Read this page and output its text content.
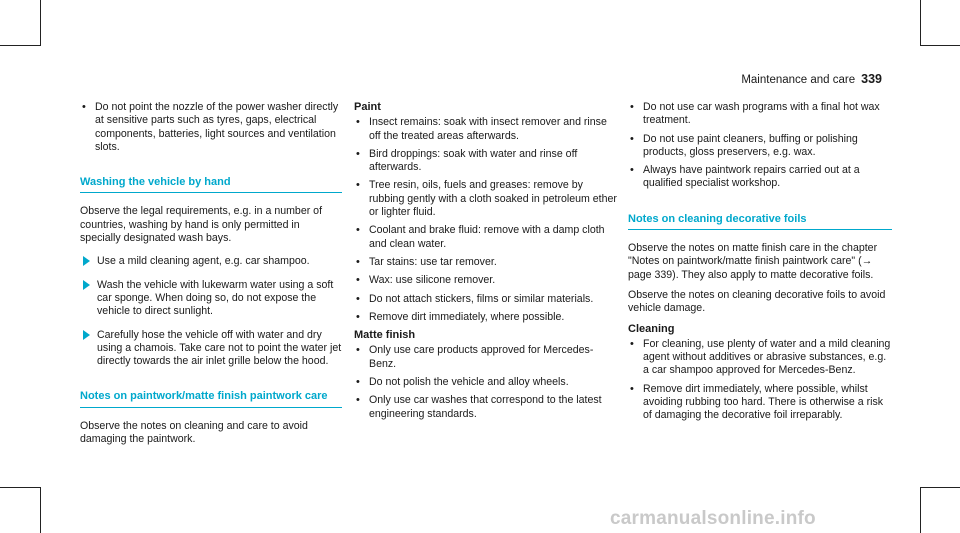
Maintenance and care 339
• Do not point the nozzle of the power washer directly at sensitive parts such as tyres, gaps, electrical components, batteries, light sources and ventilation slots.
Washing the vehicle by hand

Observe the legal requirements, e.g. in a number of countries, washing by hand is only permitted in specially designated wash bays.

Use a mild cleaning agent, e.g. car shampoo.
Wash the vehicle with lukewarm water using a soft car sponge. When doing so, do not expose the vehicle to direct sunlight.
Carefully hose the vehicle off with water and dry using a chamois. Take care not to point the water jet directly towards the air inlet grille below the hood.
Notes on paintwork/matte finish paintwork care

Observe the notes on cleaning and care to avoid damaging the paintwork.

Paint
• Insect remains: soak with insect remover and rinse off the treated areas afterwards.
• Bird droppings: soak with water and rinse off afterwards.
• Tree resin, oils, fuels and greases: remove by rubbing gently with a cloth soaked in petroleum ether or lighter fluid.
• Coolant and brake fluid: remove with a damp cloth and clean water.
• Tar stains: use tar remover.
• Wax: use silicone remover.
• Do not attach stickers, films or similar materials.
• Remove dirt immediately, where possible.
Matte finish
• Only use care products approved for Mercedes-Benz.
• Do not polish the vehicle and alloy wheels.
• Only use car washes that correspond to the latest engineering standards.
• Do not use car wash programs with a final hot wax treatment.
• Do not use paint cleaners, buffing or polishing products, gloss preservers, e.g. wax.
• Always have paintwork repairs carried out at a qualified specialist workshop.
Notes on cleaning decorative foils

Observe the notes on matte finish care in the chapter "Notes on paintwork/matte finish paintwork care" (→ page 339). They also apply to matte decorative foils.

Observe the notes on cleaning decorative foils to avoid vehicle damage.

Cleaning
• For cleaning, use plenty of water and a mild cleaning agent without additives or abrasive substances, e.g. a car shampoo approved for Mercedes-Benz.
• Remove dirt immediately, where possible, whilst avoiding rubbing too hard. There is otherwise a risk of damaging the decorative foil irreparably.
carmanualsonline.info
